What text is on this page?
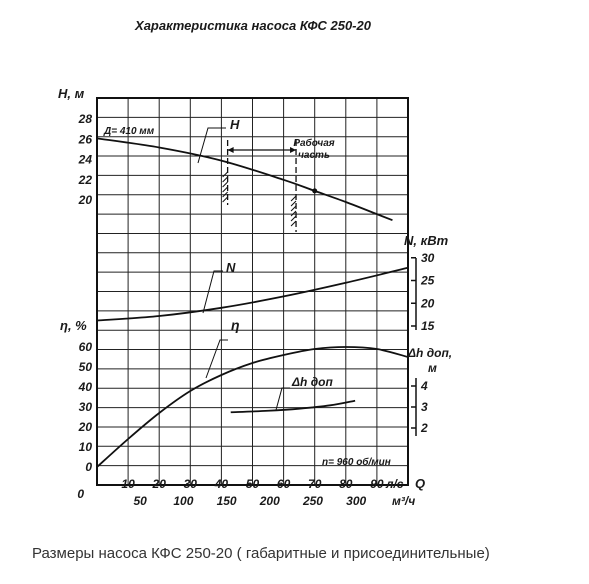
Характеристика насоса КФС 250-20
H, м
η, %
N, кВт
Δh доп,
м
л/с Q
м³/ч
0
Д= 410 мм
Рабочая
часть
n= 960 об/мин
H
N
η
Δh доп
20
22
24
26
28
0
10
20
30
40
50
60
15
20
25
30
2
3
4
10 20 30 40 50 60 70 80 90
50 100 150 200 250 300
Размеры насоса КФС 250-20 ( габаритные и присоединительные)
